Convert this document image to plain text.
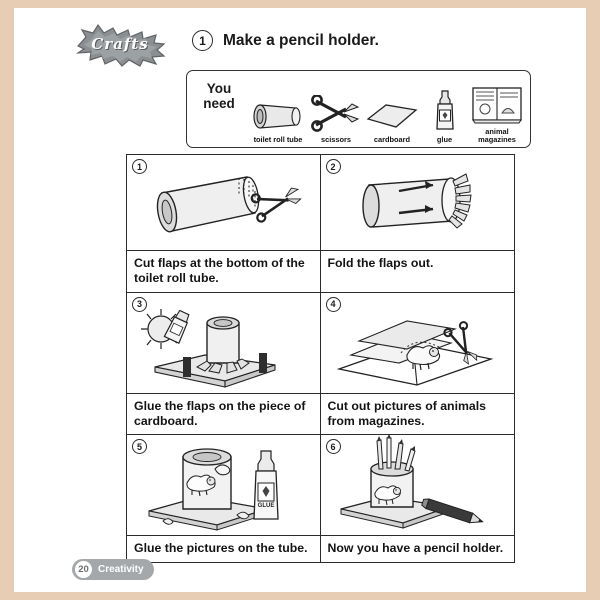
Crafts	1	Make a pencil holder.
You
need
toilet roll tube	scissors	cardboard	glue
animal magazines
1
Cut flaps at the bottom of the toilet roll tube.
2
Fold the flaps out.
3
Glue the flaps on the piece of cardboard.
4
Cut out pictures of animals from magazines.
5
GLUE
Glue the pictures on the tube.
6
Now you have a pencil holder.
20 Creativity
